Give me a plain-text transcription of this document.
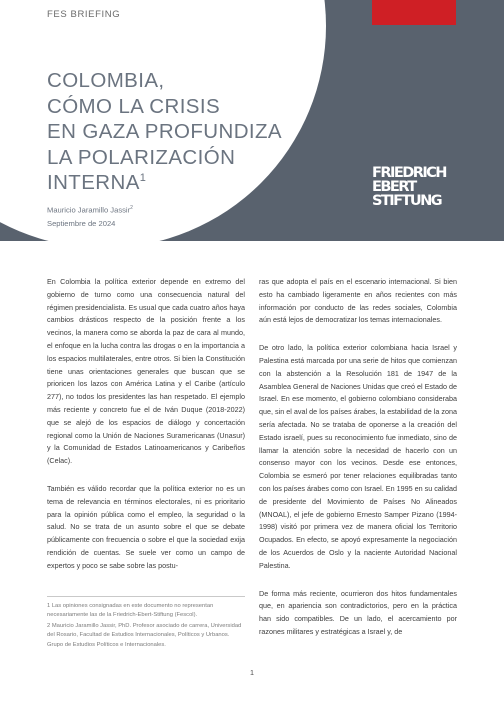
FES BRIEFING
COLOMBIA,
CÓMO LA CRISIS
EN GAZA PROFUNDIZA
LA POLARIZACIÓN
INTERNA$^1$
Mauricio Jaramillo Jassir$^2$
Septiembre de 2024
FRIEDRICH
EBERT
STIFTUNG

En Colombia la política exterior depende en extremo del gobierno de turno como una consecuencia natural del régimen presidencialista. Es usual que cada cuatro años haya cambios drásticos respecto de la posición frente a los vecinos, la manera como se aborda la paz de cara al mundo, el enfoque en la lucha contra las drogas o en la importancia a los espacios multilaterales, entre otros. Si bien la Constitución tiene unas orientaciones generales que buscan que se prioricen los lazos con América Latina y el Caribe (artículo 277), no todos los presidentes las han respetado. El ejemplo más reciente y concreto fue el de Iván Duque (2018-2022) que se alejó de los espacios de diálogo y concertación regional como la Unión de Naciones Suramericanas (Unasur) y la Comunidad de Estados Latinoamericanos y Caribeños (Celac).

También es válido recordar que la política exterior no es un tema de relevancia en términos electorales, ni es prioritario para la opinión pública como el empleo, la seguridad o la salud. No se trata de un asunto sobre el que se debate públicamente con frecuencia o sobre el que la sociedad exija rendición de cuentas. Se suele ver como un campo de expertos y poco se sabe sobre las postu-

ras que adopta el país en el escenario internacional. Si bien esto ha cambiado ligeramente en años recientes con más información por conducto de las redes sociales, Colombia aún está lejos de democratizar los temas internacionales.

De otro lado, la política exterior colombiana hacia Israel y Palestina está marcada por una serie de hitos que comienzan con la abstención a la Resolución 181 de 1947 de la Asamblea General de Naciones Unidas que creó el Estado de Israel. En ese momento, el gobierno colombiano consideraba que, sin el aval de los países árabes, la estabilidad de la zona sería afectada. No se trataba de oponerse a la creación del Estado israelí, pues su reconocimiento fue inmediato, sino de llamar la atención sobre la necesidad de hacerlo con un consenso mayor con los vecinos. Desde ese entonces, Colombia se esmeró por tener relaciones equilibradas tanto con los países árabes como con Israel. En 1995 en su calidad de presidente del Movimiento de Países No Alineados (MNOAL), el jefe de gobierno Ernesto Samper Pizano (1994-1998) visitó por primera vez de manera oficial los Territorio Ocupados. En efecto, se apoyó expresamente la negociación de los Acuerdos de Oslo y la naciente Autoridad Nacional Palestina.

De forma más reciente, ocurrieron dos hitos fundamentales que, en apariencia son contradictorios, pero en la práctica han sido compatibles. De un lado, el acercamiento por razones militares y estratégicas a Israel y, de

1 Las opiniones consignadas en este documento no representan necesariamente las de la Friedrich-Ebert-Stiftung (Fescol).

2 Mauricio Jaramillo Jassir, PhD. Profesor asociado de carrera, Universidad del Rosario, Facultad de Estudios Internacionales, Políticos y Urbanos. Grupo de Estudios Políticos e Internacionales.

1
